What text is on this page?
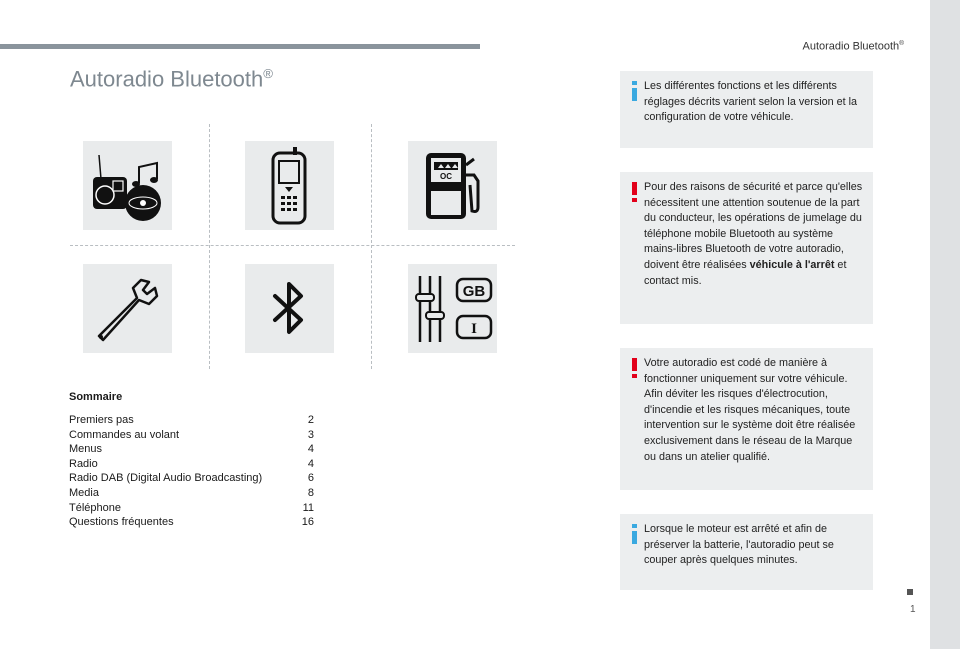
Autoradio Bluetooth®
Autoradio Bluetooth®
OC
GB
I
Sommaire
Premiers pas	2
Commandes au volant	3
Menus	4
Radio	4
Radio DAB (Digital Audio Broadcasting)	6
Media	8
Téléphone	11
Questions fréquentes	16
Les différentes fonctions et les différents réglages décrits varient selon la version et la configuration de votre véhicule.
Pour des raisons de sécurité et parce qu'elles nécessitent une attention soutenue de la part du conducteur, les opérations de jumelage du téléphone mobile Bluetooth au système mains-libres Bluetooth de votre autoradio, doivent être réalisées véhicule à l'arrêt et contact mis.
Votre autoradio est codé de manière à fonctionner uniquement sur votre véhicule. Afin déviter les risques d'électrocution, d'incendie et les risques mécaniques, toute intervention sur le système doit être réalisée exclusivement dans le réseau de la Marque ou dans un atelier qualifié.
Lorsque le moteur est arrêté et afin de préserver la batterie, l'autoradio peut se couper après quelques minutes.
1
